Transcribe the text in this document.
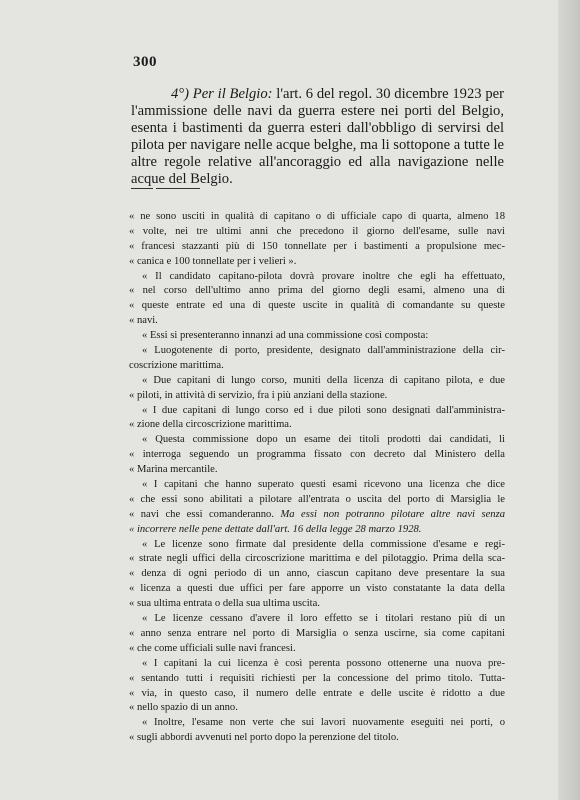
300

4°) Per il Belgio: l'art. 6 del regol. 30 dicembre 1923 per l'ammissione delle navi da guerra estere nei porti del Belgio, esenta i bastimenti da guerra esteri dall'obbligo di servirsi del pilota per navigare nelle acque belghe, ma li sottopone a tutte le altre regole relative all'ancoraggio ed alla navigazione nelle acque del Belgio.

« ne sono usciti in qualità di capitano o di ufficiale capo di quarta, almeno 18
« volte, nei tre ultimi anni che precedono il giorno dell'esame, sulle navi
« francesi stazzanti più di 150 tonnellate per i bastimenti a propulsione mec-
« canica e 100 tonnellate per i velieri ».
« Il candidato capitano-pilota dovrà provare inoltre che egli ha effettuato,
« nel corso dell'ultimo anno prima del giorno degli esami, almeno una di
« queste entrate ed una di queste uscite in qualità di comandante su queste
« navi.
« Essi si presenteranno innanzi ad una commissione così composta:
« Luogotenente di porto, presidente, designato dall'amministrazione della cir-
coscrizione marittima.
« Due capitani di lungo corso, muniti della licenza di capitano pilota, e due
« piloti, in attività di servizio, fra i più anziani della stazione.
« I due capitani di lungo corso ed i due piloti sono designati dall'amministra-
« zione della circoscrizione marittima.
« Questa commissione dopo un esame dei titoli prodotti dai candidati, li
« interroga seguendo un programma fissato con decreto dal Ministero della
« Marina mercantile.
« I capitani che hanno superato questi esami ricevono una licenza che dice
« che essi sono abilitati a pilotare all'entrata o uscita del porto di Marsiglia le
« navi che essi comanderanno. Ma essi non potranno pilotare altre navi senza
« incorrere nelle pene dettate dall'art. 16 della legge 28 marzo 1928.
« Le licenze sono firmate dal presidente della commissione d'esame e regi-
« strate negli uffici della circoscrizione marittima e del pilotaggio. Prima della sca-
« denza di ogni periodo di un anno, ciascun capitano deve presentare la sua
« licenza a questi due uffici per fare apporre un visto constatante la data della
« sua ultima entrata o della sua ultima uscita.
« Le licenze cessano d'avere il loro effetto se i titolari restano più di un
« anno senza entrare nel porto di Marsiglia o senza uscirne, sia come capitani
« che come ufficiali sulle navi francesi.
« I capitani la cui licenza è così perenta possono ottenerne una nuova pre-
« sentando tutti i requisiti richiesti per la concessione del primo titolo. Tutta-
« via, in questo caso, il numero delle entrate e delle uscite è ridotto a due
« nello spazio di un anno.
« Inoltre, l'esame non verte che sui lavori nuovamente eseguiti nei porti, o
« sugli abbordi avvenuti nel porto dopo la perenzione del titolo.
